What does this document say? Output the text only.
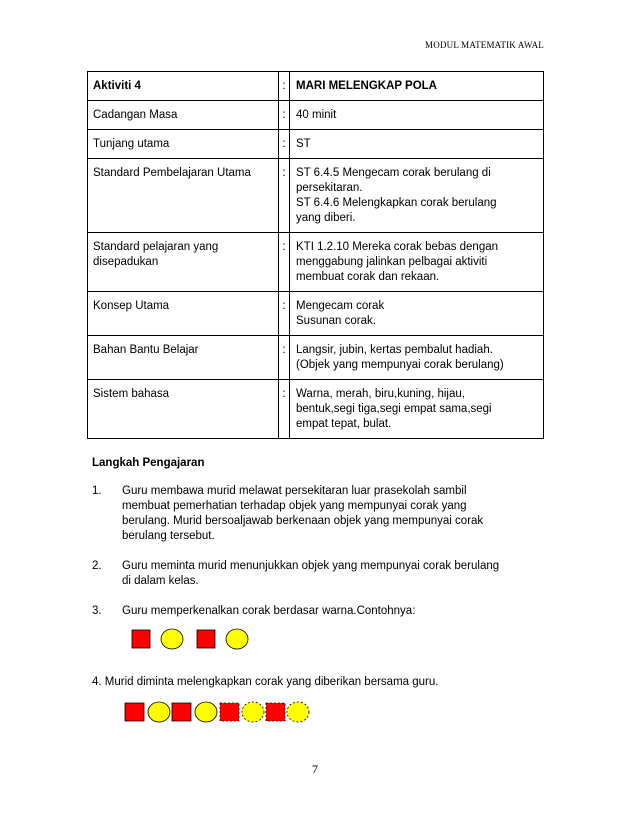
MODUL MATEMATIK AWAL
Aktiviti 4	:	MARI MELENGKAP POLA

Cadangan Masa	:	40 minit

Tunjang utama	:	ST

Standard Pembelajaran Utama	:	ST 6.4.5 Mengecam corak berulang di
persekitaran.
ST 6.4.6 Melengkapkan corak berulang
yang diberi.

Standard pelajaran yang
disepadukan	:	KTI 1.2.10 Mereka corak bebas dengan
menggabung jalinkan pelbagai aktiviti
membuat corak dan rekaan.

Konsep Utama	:	Mengecam corak
Susunan corak.

Bahan Bantu Belajar	:	Langsir, jubin, kertas pembalut hadiah.
(Objek yang mempunyai corak berulang)

Sistem bahasa	:	Warna, merah, biru,kuning, hijau,
bentuk,segi tiga,segi empat sama,segi
empat tepat, bulat.
Langkah Pengajaran
1. Guru membawa murid melawat persekitaran luar prasekolah sambil
membuat pemerhatian terhadap objek yang mempunyai corak yang
berulang. Murid bersoaljawab berkenaan objek yang mempunyai corak
berulang tersebut.
2. Guru meminta murid menunjukkan objek yang mempunyai corak berulang
di dalam kelas.
3. Guru memperkenalkan corak berdasar warna.Contohnya:
4. Murid diminta melengkapkan corak yang diberikan bersama guru.
7
